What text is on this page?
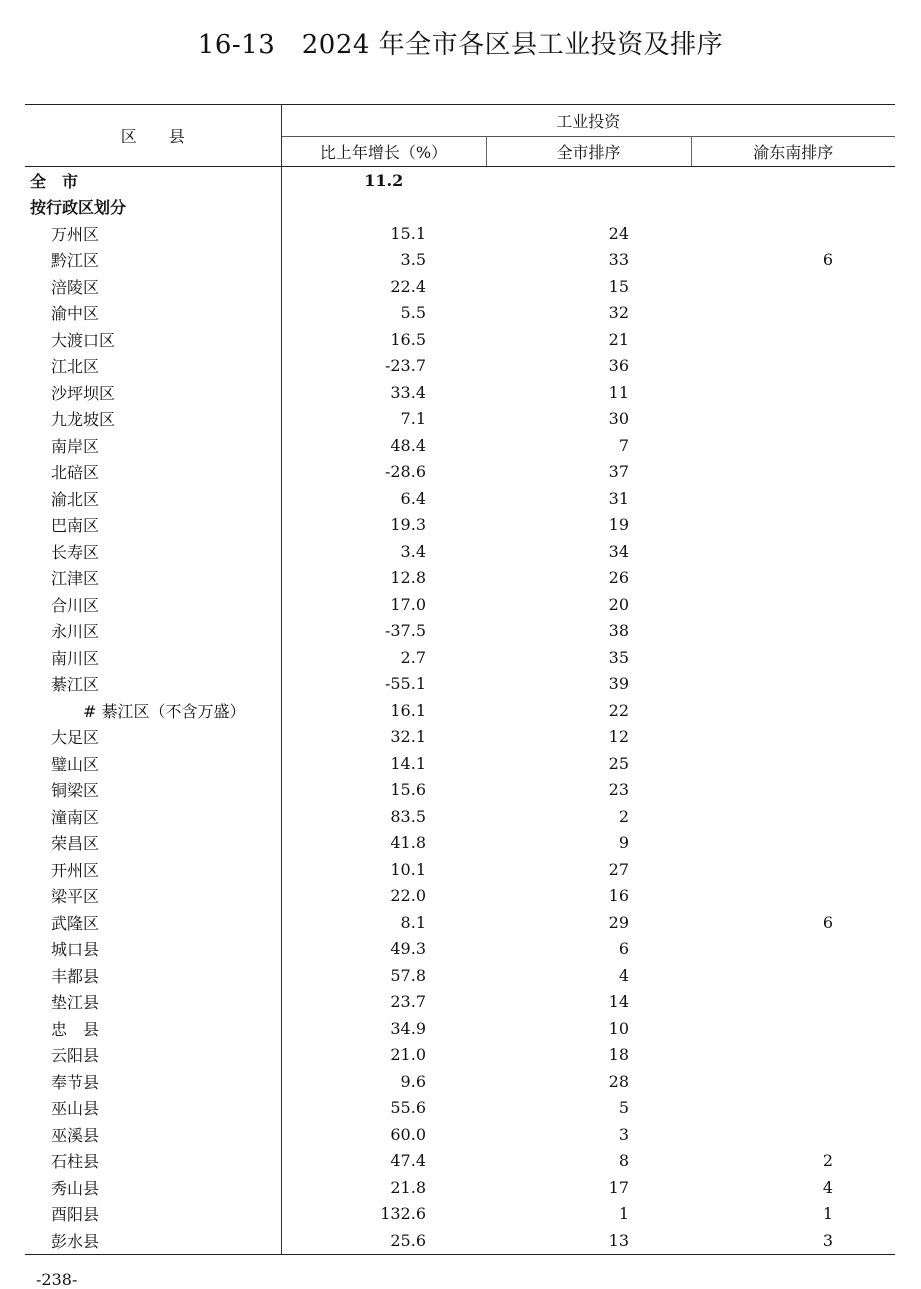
16-13　2024 年全市各区县工业投资及排序
区　　县	工业投资		
	比上年增长（%）	全市排序	渝东南排序
全　市	11.2		
按行政区划分			
万州区	15.1	24	
黔江区	3.5	33	6
涪陵区	22.4	15	
渝中区	5.5	32	
大渡口区	16.5	21	
江北区	-23.7	36	
沙坪坝区	33.4	11	
九龙坡区	7.1	30	
南岸区	48.4	7	
北碚区	-28.6	37	
渝北区	6.4	31	
巴南区	19.3	19	
长寿区	3.4	34	
江津区	12.8	26	
合川区	17.0	20	
永川区	-37.5	38	
南川区	2.7	35	
綦江区	-55.1	39	
# 綦江区（不含万盛）	16.1	22	
大足区	32.1	12	
璧山区	14.1	25	
铜梁区	15.6	23	
潼南区	83.5	2	
荣昌区	41.8	9	
开州区	10.1	27	
梁平区	22.0	16	
武隆区	8.1	29	6
城口县	49.3	6	
丰都县	57.8	4	
垫江县	23.7	14	
忠　县	34.9	10	
云阳县	21.0	18	
奉节县	9.6	28	
巫山县	55.6	5	
巫溪县	60.0	3	
石柱县	47.4	8	2
秀山县	21.8	17	4
酉阳县	132.6	1	1
彭水县	25.6	13	3
-238-
